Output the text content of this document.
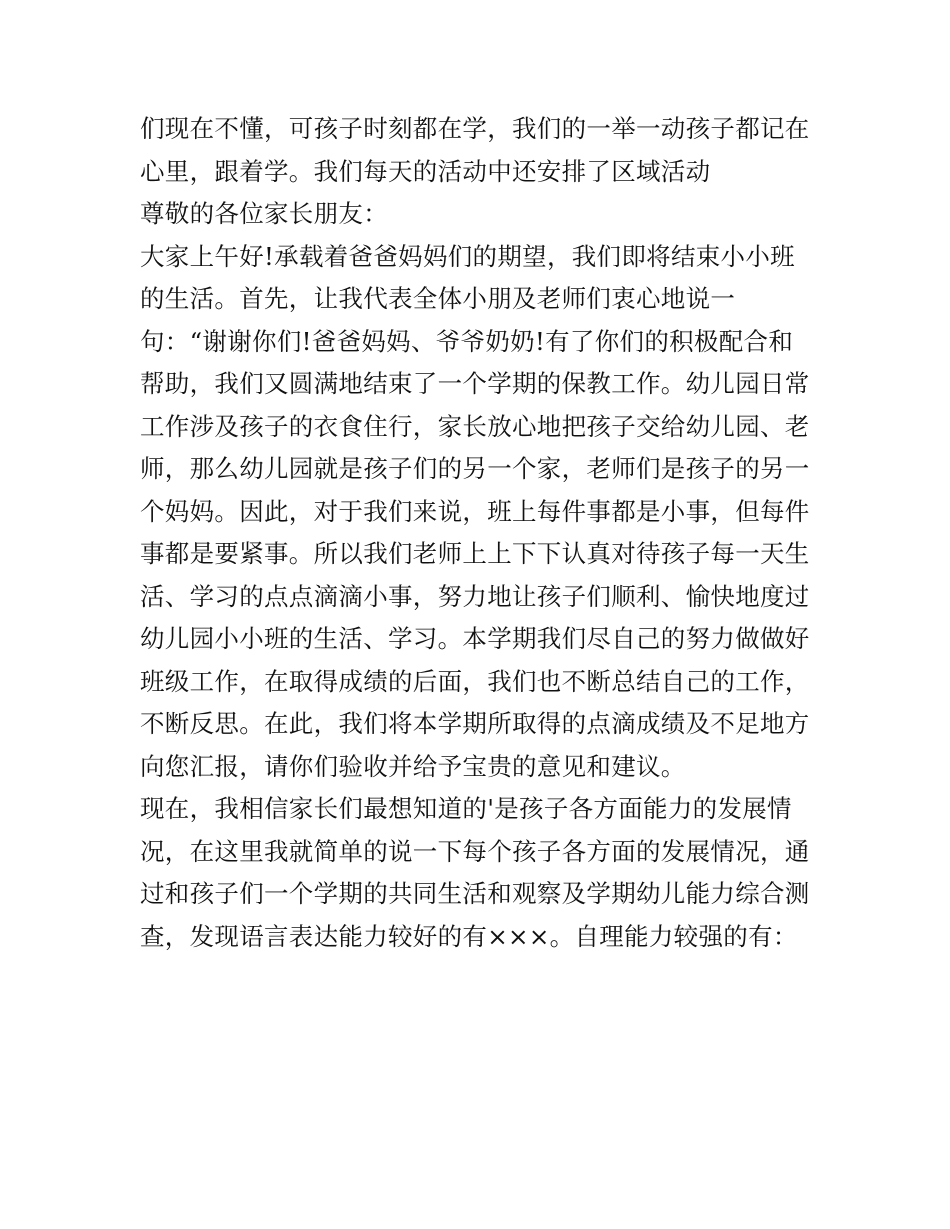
们现在不懂，可孩子时刻都在学，我们的一举一动孩子都记在
心里，跟着学。我们每天的活动中还安排了区域活动
尊敬的各位家长朋友：
大家上午好!承载着爸爸妈妈们的期望，我们即将结束小小班
的生活。首先，让我代表全体小朋及老师们衷心地说一
句：“谢谢你们!爸爸妈妈、爷爷奶奶!有了你们的积极配合和
帮助，我们又圆满地结束了一个学期的保教工作。幼儿园日常
工作涉及孩子的衣食住行，家长放心地把孩子交给幼儿园、老
师，那么幼儿园就是孩子们的另一个家，老师们是孩子的另一
个妈妈。因此，对于我们来说，班上每件事都是小事，但每件
事都是要紧事。所以我们老师上上下下认真对待孩子每一天生
活、学习的点点滴滴小事，努力地让孩子们顺利、愉快地度过
幼儿园小小班的生活、学习。本学期我们尽自己的努力做做好
班级工作，在取得成绩的后面，我们也不断总结自己的工作，
不断反思。在此，我们将本学期所取得的点滴成绩及不足地方
向您汇报，请你们验收并给予宝贵的意见和建议。
现在，我相信家长们最想知道的'是孩子各方面能力的发展情
况，在这里我就简单的说一下每个孩子各方面的发展情况，通
过和孩子们一个学期的共同生活和观察及学期幼儿能力综合测
查，发现语言表达能力较好的有×××。自理能力较强的有：
